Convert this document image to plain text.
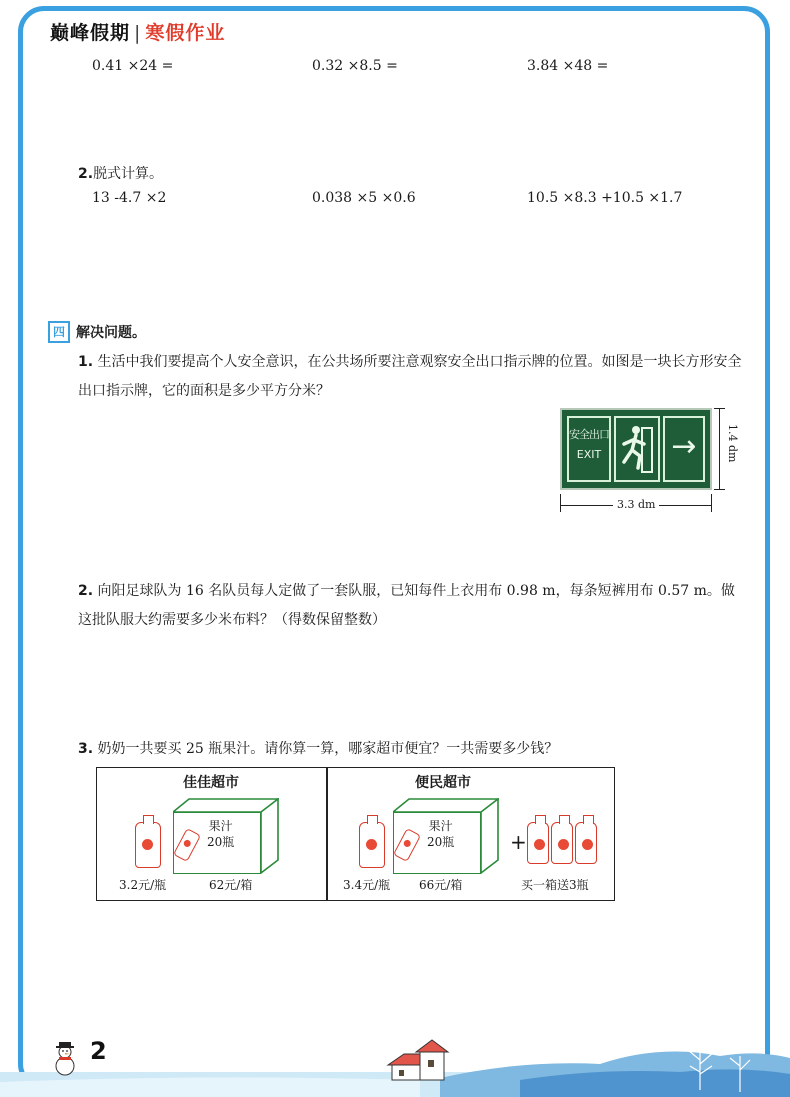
巅峰假期 | 寒假作业
0.41 ×24 =	0.32 ×8.5 =	3.84 ×48 =
2.脱式计算。
13 -4.7 ×2	0.038 ×5 ×0.6	10.5 ×8.3 +10.5 ×1.7
四 解决问题。
1. 生活中我们要提高个人安全意识，在公共场所要注意观察安全出口指示牌的位置。如图是一块长方形安全出口指示牌，它的面积是多少平方分米？
安全出口
EXIT →	1.4 dm
3.3 dm
2. 向阳足球队为 16 名队员每人定做了一套队服，已知每件上衣用布 0.98 m，每条短裤用布 0.57 m。做这批队服大约需要多少米布料？（得数保留整数）
3. 奶奶一共要买 25 瓶果汁。请你算一算，哪家超市便宜？一共需要多少钱？
佳佳超市
果汁
20瓶
3.2元/瓶	62元/箱
便民超市
果汁
20瓶	+
3.4元/瓶 66元/箱	买一箱送3瓶
2
